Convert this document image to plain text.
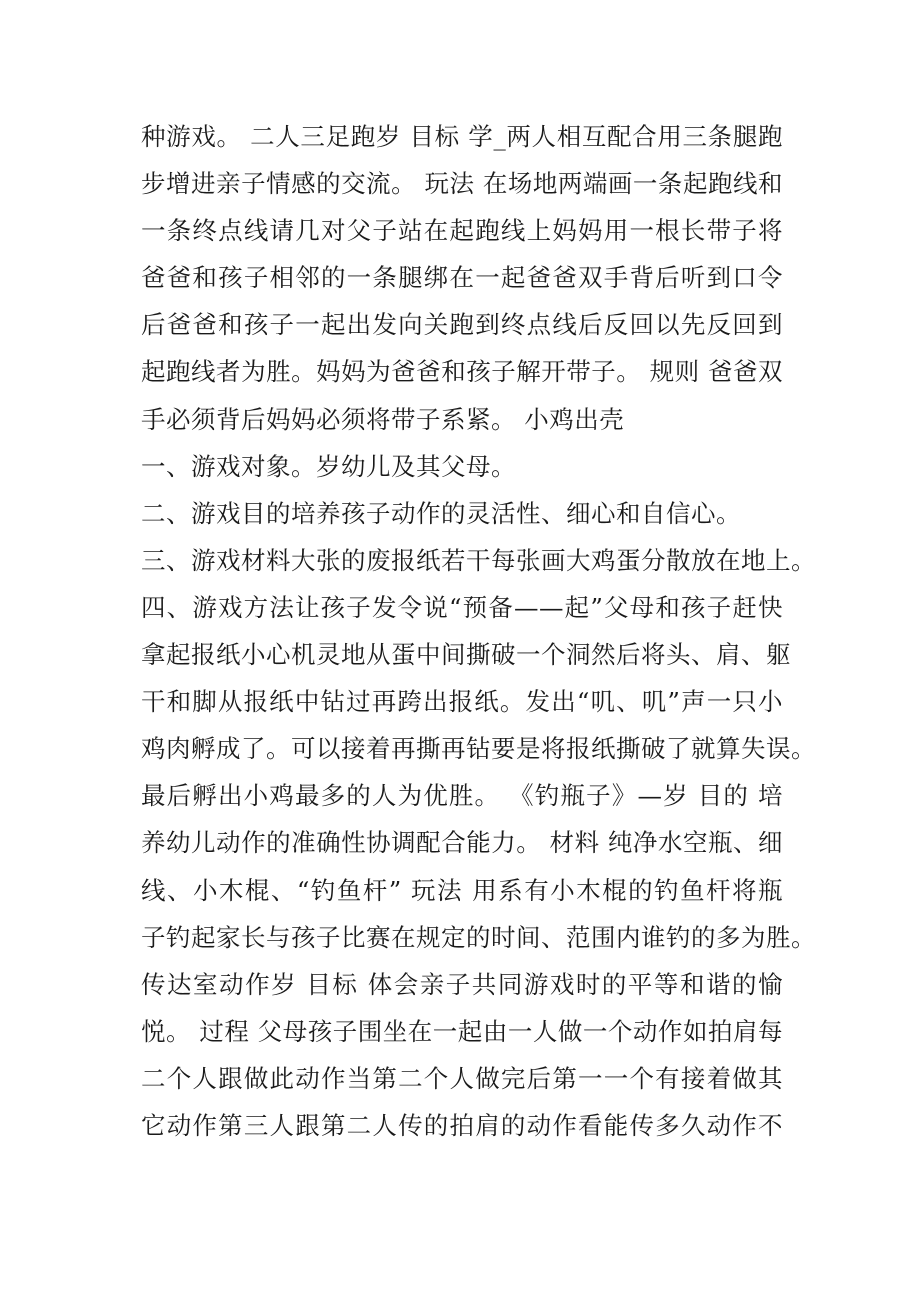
种游戏。 二人三足跑岁 目标 学_两人相互配合用三条腿跑
步增进亲子情感的交流。 玩法 在场地两端画一条起跑线和
一条终点线请几对父子站在起跑线上妈妈用一根长带子将
爸爸和孩子相邻的一条腿绑在一起爸爸双手背后听到口令
后爸爸和孩子一起出发向关跑到终点线后反回以先反回到
起跑线者为胜。妈妈为爸爸和孩子解开带子。 规则 爸爸双
手必须背后妈妈必须将带子系紧。 小鸡出壳
一、游戏对象。岁幼儿及其父母。
二、游戏目的培养孩子动作的灵活性、细心和自信心。
三、游戏材料大张的废报纸若干每张画大鸡蛋分散放在地上。
四、游戏方法让孩子发令说“预备——起”父母和孩子赶快
拿起报纸小心机灵地从蛋中间撕破一个洞然后将头、肩、躯
干和脚从报纸中钻过再跨出报纸。发出“叽、叽”声一只小
鸡肉孵成了。可以接着再撕再钻要是将报纸撕破了就算失误。
最后孵出小鸡最多的人为优胜。 《钓瓶子》—岁 目的 培
养幼儿动作的准确性协调配合能力。 材料 纯净水空瓶、细
线、小木棍、“钓鱼杆” 玩法 用系有小木棍的钓鱼杆将瓶
子钓起家长与孩子比赛在规定的时间、范围内谁钓的多为胜。
传达室动作岁 目标 体会亲子共同游戏时的平等和谐的愉
悦。 过程 父母孩子围坐在一起由一人做一个动作如拍肩每
二个人跟做此动作当第二个人做完后第一一个有接着做其
它动作第三人跟第二人传的拍肩的动作看能传多久动作不
